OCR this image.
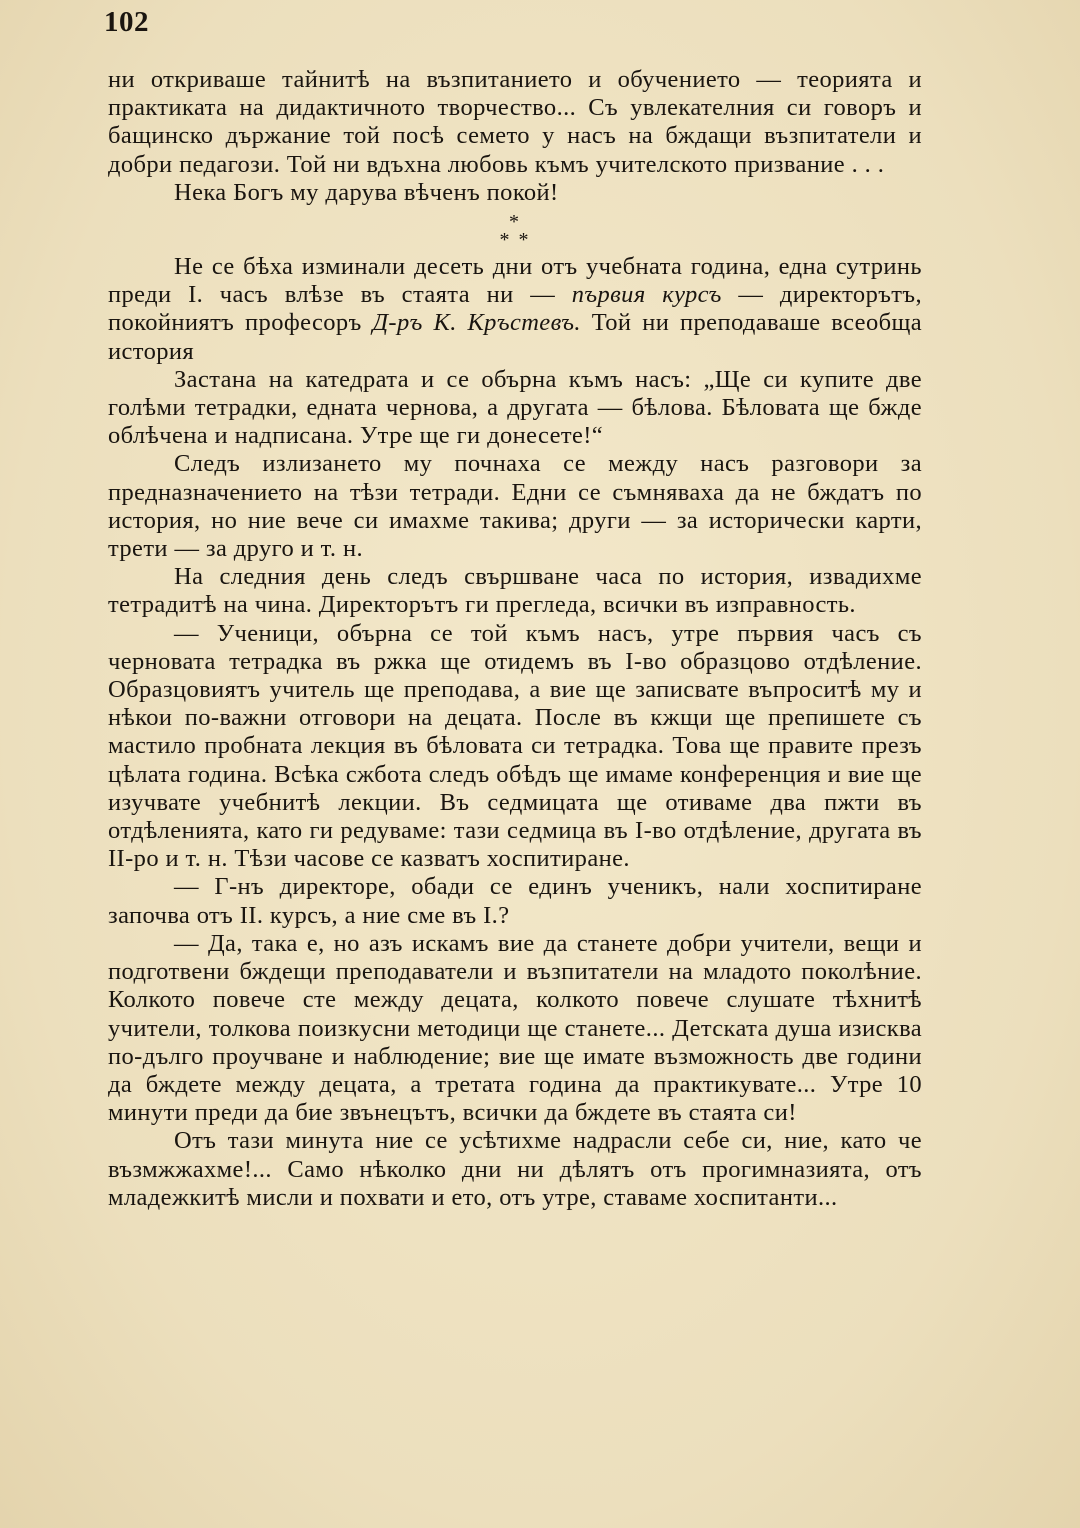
102

ни откриваше тайнитѣ на възпитанието и обучението — теорията и практиката на дидактичното творчество... Съ увлекателния си говоръ и бащинско държание той посѣ семето у насъ на бждащи възпитатели и добри педагози. Той ни вдъхна любовь къмъ учителското призвание . . .

Нека Богъ му дарува вѣченъ покой!

*
* *

Не се бѣха изминали десеть дни отъ учебната година, една сутринь преди I. часъ влѣзе въ стаята ни — първия курсъ — директорътъ, покойниятъ професоръ Д-ръ К. Кръстевъ. Той ни преподаваше всеобща история

Застана на катедрата и се обърна къмъ насъ: „Ще си купите две голѣми тетрадки, едната чернова, а другата — бѣлова. Бѣловата ще бжде облѣчена и надписана. Утре ще ги донесете!“

Следъ излизането му почнаха се между насъ разговори за предназначението на тѣзи тетради. Едни се съмняваха да не бждатъ по история, но ние вече си имахме такива; други — за исторически карти, трети — за друго и т. н.

На следния день следъ свършване часа по история, извадихме тетрадитѣ на чина. Директорътъ ги прегледа, всички въ изправность.

— Ученици, обърна се той къмъ насъ, утре първия часъ съ черновата тетрадка въ ржка ще отидемъ въ I-во образцово отдѣление. Образцовиятъ учитель ще преподава, а вие ще записвате въпроситѣ му и нѣкои по-важни отговори на децата. После въ кжщи ще препишете съ мастило пробната лекция въ бѣловата си тетрадка. Това ще правите презъ цѣлата година. Всѣка сжбота следъ обѣдъ ще имаме конференция и вие ще изучвате учебнитѣ лекции. Въ седмицата ще отиваме два пжти въ отдѣленията, като ги редуваме: тази седмица въ I-во отдѣление, другата въ II-ро и т. н. Тѣзи часове се казватъ хоспитиране.

— Г-нъ директоре, обади се единъ ученикъ, нали хоспитиране започва отъ II. курсъ, а ние сме въ I.?

— Да, така е, но азъ искамъ вие да станете добри учители, вещи и подготвени бждещи преподаватели и възпитатели на младото поколѣние. Колкото повече сте между децата, колкото повече слушате тѣхнитѣ учители, толкова поизкусни методици ще станете... Детската душа изисква по-дълго проучване и наблюдение; вие ще имате възможность две години да бждете между децата, а третата година да практикувате... Утре 10 минути преди да бие звънецътъ, всички да бждете въ стаята си!

Отъ тази минута ние се усѣтихме надрасли себе си, ние, като че възмжжахме!... Само нѣколко дни ни дѣлятъ отъ прогимназията, отъ младежкитѣ мисли и похвати и ето, отъ утре, ставаме хоспитанти...
